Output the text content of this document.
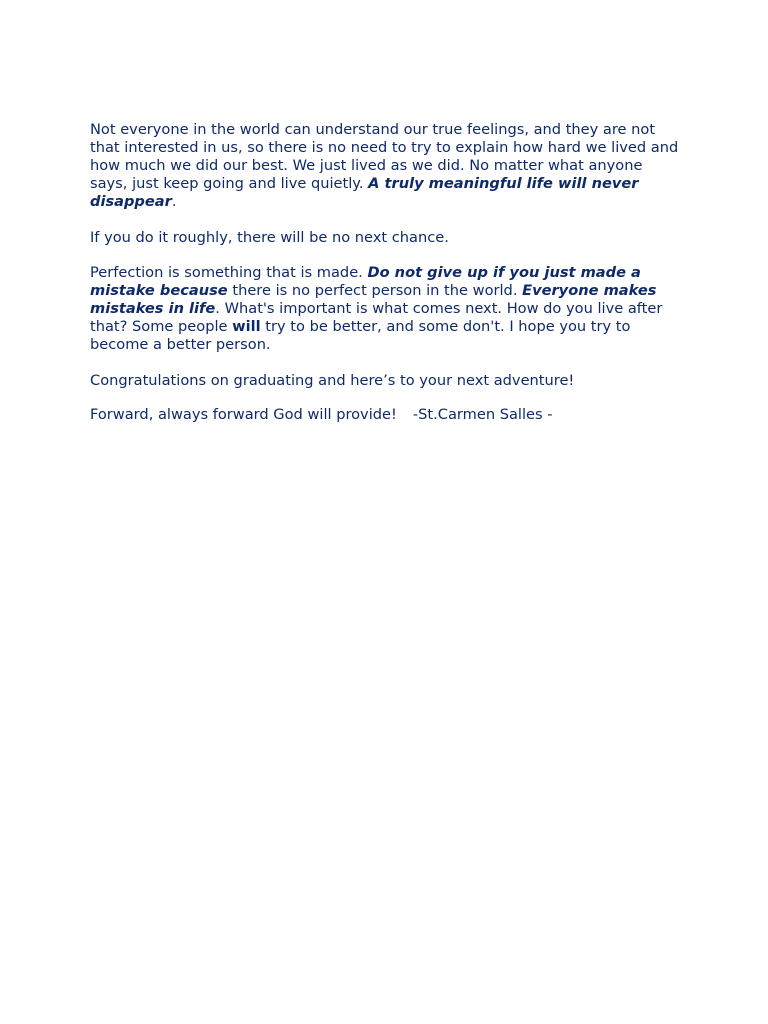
Not everyone in the world can understand our true feelings, and they are not that interested in us, so there is no need to try to explain how hard we lived and how much we did our best. We just lived as we did. No matter what anyone says, just keep going and live quietly. A truly meaningful life will never disappear.

If you do it roughly, there will be no next chance.

Perfection is something that is made. Do not give up if you just made a mistake because there is no perfect person in the world. Everyone makes mistakes in life. What's important is what comes next. How do you live after that? Some people will try to be better, and some don't. I hope you try to become a better person.

Congratulations on graduating and here’s to your next adventure!

Forward, always forward God will provide! -St.Carmen Salles -
